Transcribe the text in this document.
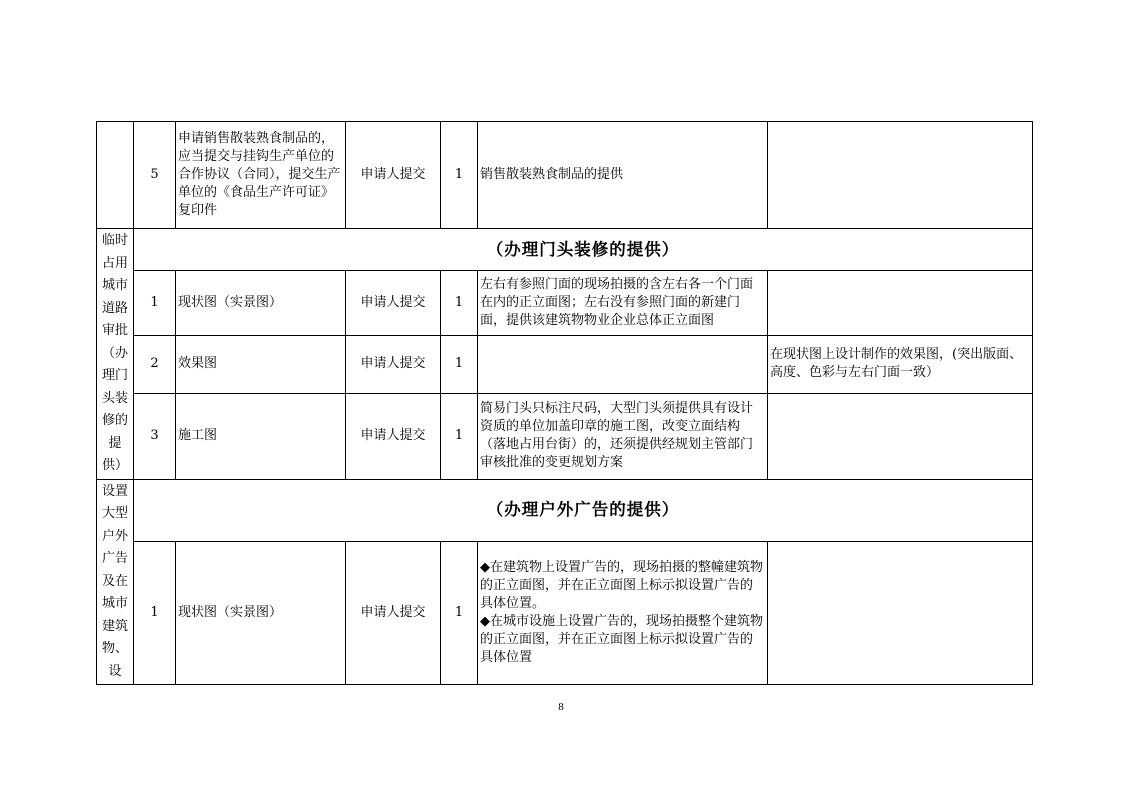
	5	申请销售散装熟食制品的，应当提交与挂钩生产单位的合作协议（合同），提交生产单位的《食品生产许可证》复印件	申请人提交	1	销售散装熟食制品的提供	
临时占用城市道路审批（办理门头装修的提供）	（办理门头装修的提供）					
	1	现状图（实景图）	申请人提交	1	左右有参照门面的现场拍摄的含左右各一个门面在内的正立面图；左右没有参照门面的新建门面，提供该建筑物物业企业总体正立面图	
	2	效果图	申请人提交	1		在现状图上设计制作的效果图，(突出版面、高度、色彩与左右门面一致）
	3	施工图	申请人提交	1	简易门头只标注尺码，大型门头须提供具有设计资质的单位加盖印章的施工图，改变立面结构（落地占用台街）的，还须提供经规划主管部门审核批准的变更规划方案	
设置大型户外广告及在城市建筑物、设	（办理户外广告的提供）					
	1	现状图（实景图）	申请人提交	1	◆在建筑物上设置广告的，现场拍摄的整幢建筑物的正立面图，并在正立面图上标示拟设置广告的具体位置。
◆在城市设施上设置广告的，现场拍摄整个建筑物的正立面图，并在正立面图上标示拟设置广告的具体位置	

8
